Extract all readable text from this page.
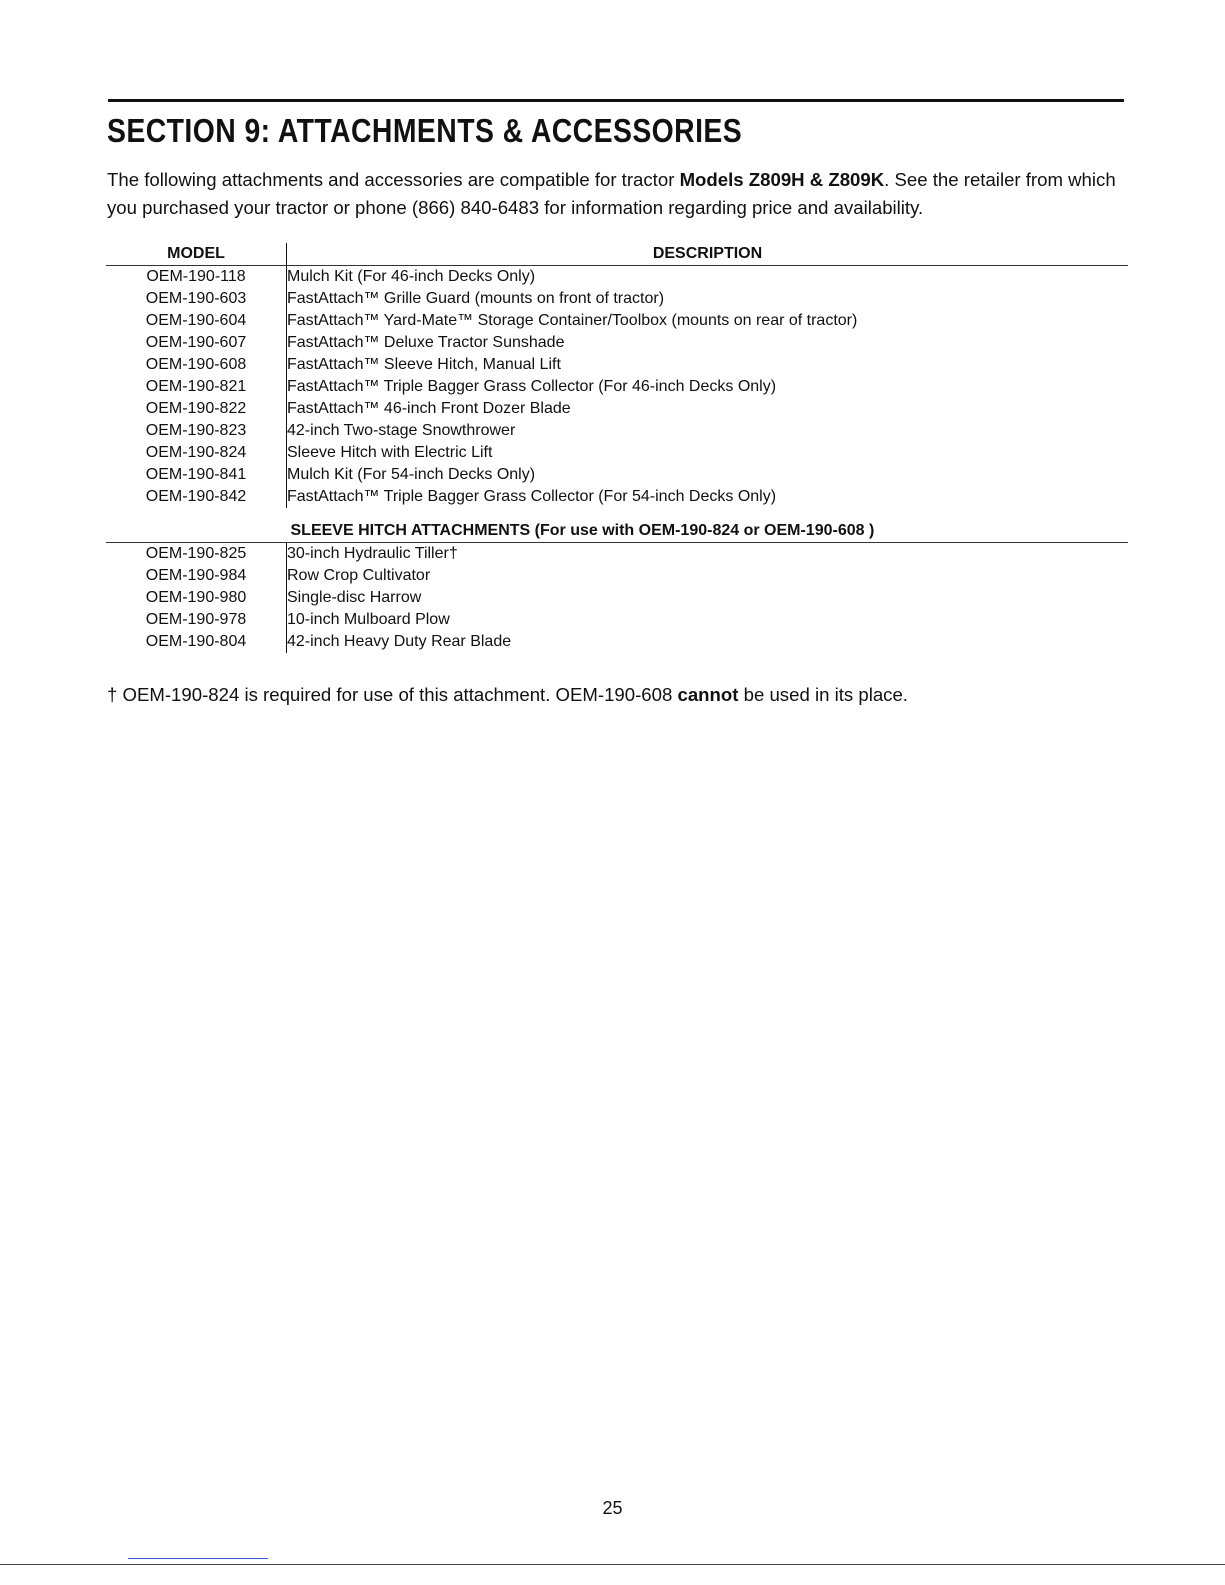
SECTION 9: ATTACHMENTS & ACCESSORIES

The following attachments and accessories are compatible for tractor Models Z809H & Z809K. See the retailer from which you purchased your tractor or phone (866) 840-6483 for information regarding price and availability.

MODEL	DESCRIPTION
OEM-190-118	Mulch Kit (For 46-inch Decks Only)
OEM-190-603	FastAttach™ Grille Guard (mounts on front of tractor)
OEM-190-604	FastAttach™ Yard-Mate™ Storage Container/Toolbox (mounts on rear of tractor)
OEM-190-607	FastAttach™ Deluxe Tractor Sunshade
OEM-190-608	FastAttach™ Sleeve Hitch, Manual Lift
OEM-190-821	FastAttach™ Triple Bagger Grass Collector (For 46-inch Decks Only)
OEM-190-822	FastAttach™ 46-inch Front Dozer Blade
OEM-190-823	42-inch Two-stage Snowthrower
OEM-190-824	Sleeve Hitch with Electric Lift
OEM-190-841	Mulch Kit (For 54-inch Decks Only)
OEM-190-842	FastAttach™ Triple Bagger Grass Collector (For 54-inch Decks Only)

	SLEEVE HITCH ATTACHMENTS (For use with OEM-190-824 or OEM-190-608 )
OEM-190-825	30-inch Hydraulic Tiller†
OEM-190-984	Row Crop Cultivator
OEM-190-980	Single-disc Harrow
OEM-190-978	10-inch Mulboard Plow
OEM-190-804	42-inch Heavy Duty Rear Blade

† OEM-190-824 is required for use of this attachment. OEM-190-608 cannot be used in its place.

25
